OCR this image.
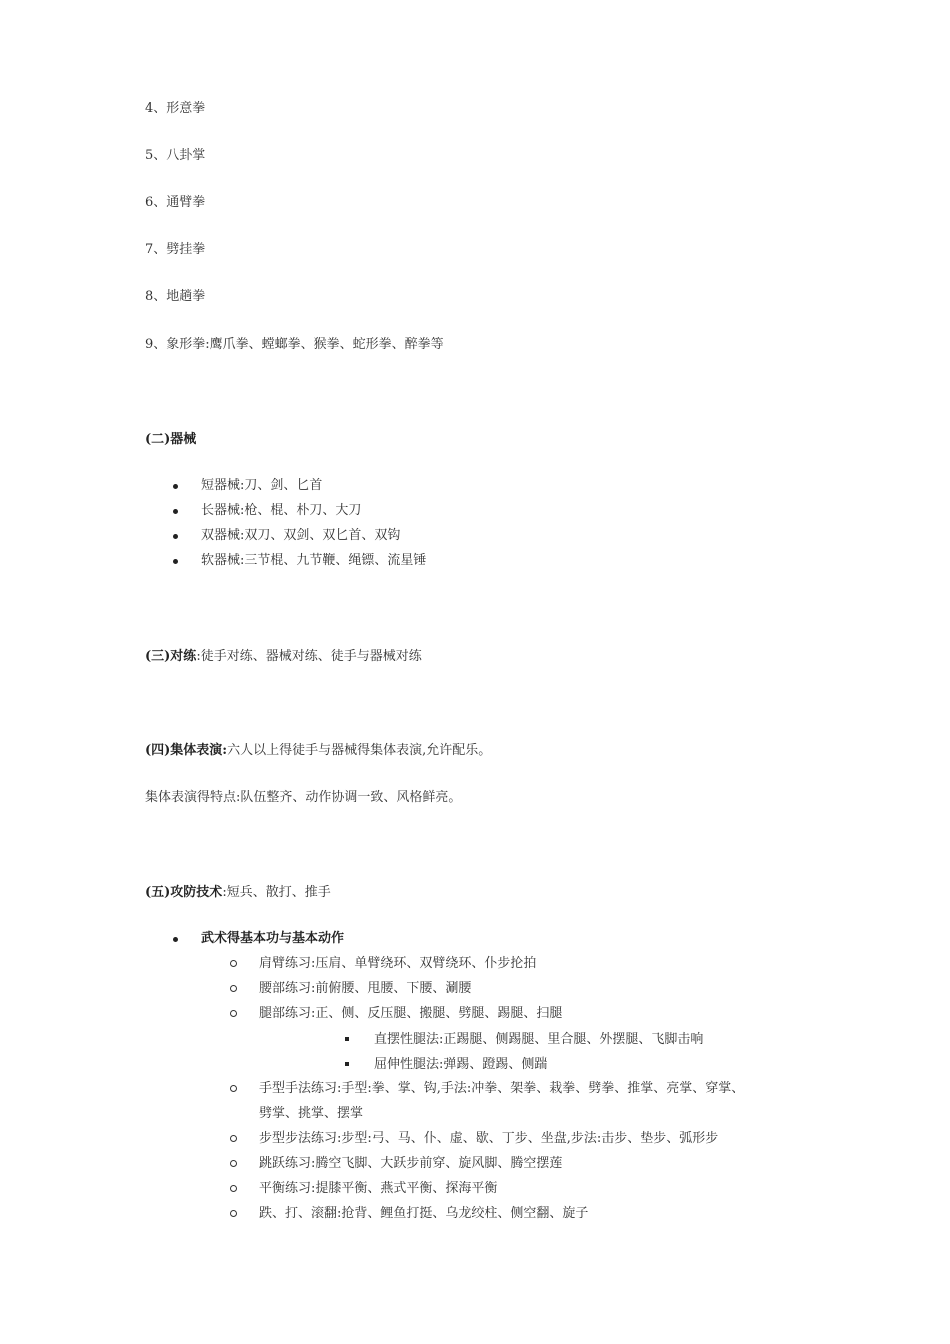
4、形意拳
5、八卦掌
6、通臂拳
7、劈挂拳
8、地趟拳
9、象形拳:鹰爪拳、螳螂拳、猴拳、蛇形拳、醉拳等
(二)器械
短器械:刀、剑、匕首
长器械:枪、棍、朴刀、大刀
双器械:双刀、双剑、双匕首、双钩
软器械:三节棍、九节鞭、绳镖、流星锤
(三)对练:徒手对练、器械对练、徒手与器械对练
(四)集体表演:六人以上得徒手与器械得集体表演,允许配乐。
集体表演得特点:队伍整齐、动作协调一致、风格鲜亮。
(五)攻防技术:短兵、散打、推手
武术得基本功与基本动作
肩臂练习:压肩、单臂绕环、双臂绕环、仆步抡拍
腰部练习:前俯腰、甩腰、下腰、涮腰
腿部练习:正、侧、反压腿、搬腿、劈腿、踢腿、扫腿
直摆性腿法:正踢腿、侧踢腿、里合腿、外摆腿、飞脚击响
屈伸性腿法:弹踢、蹬踢、侧踹
手型手法练习:手型:拳、掌、钩,手法:冲拳、架拳、栽拳、劈拳、推掌、亮掌、穿掌、
劈掌、挑掌、摆掌
步型步法练习:步型:弓、马、仆、虚、歇、丁步、坐盘,步法:击步、垫步、弧形步
跳跃练习:腾空飞脚、大跃步前穿、旋风脚、腾空摆莲
平衡练习:提膝平衡、燕式平衡、探海平衡
跌、打、滚翻:抢背、鲤鱼打挺、乌龙绞柱、侧空翻、旋子
